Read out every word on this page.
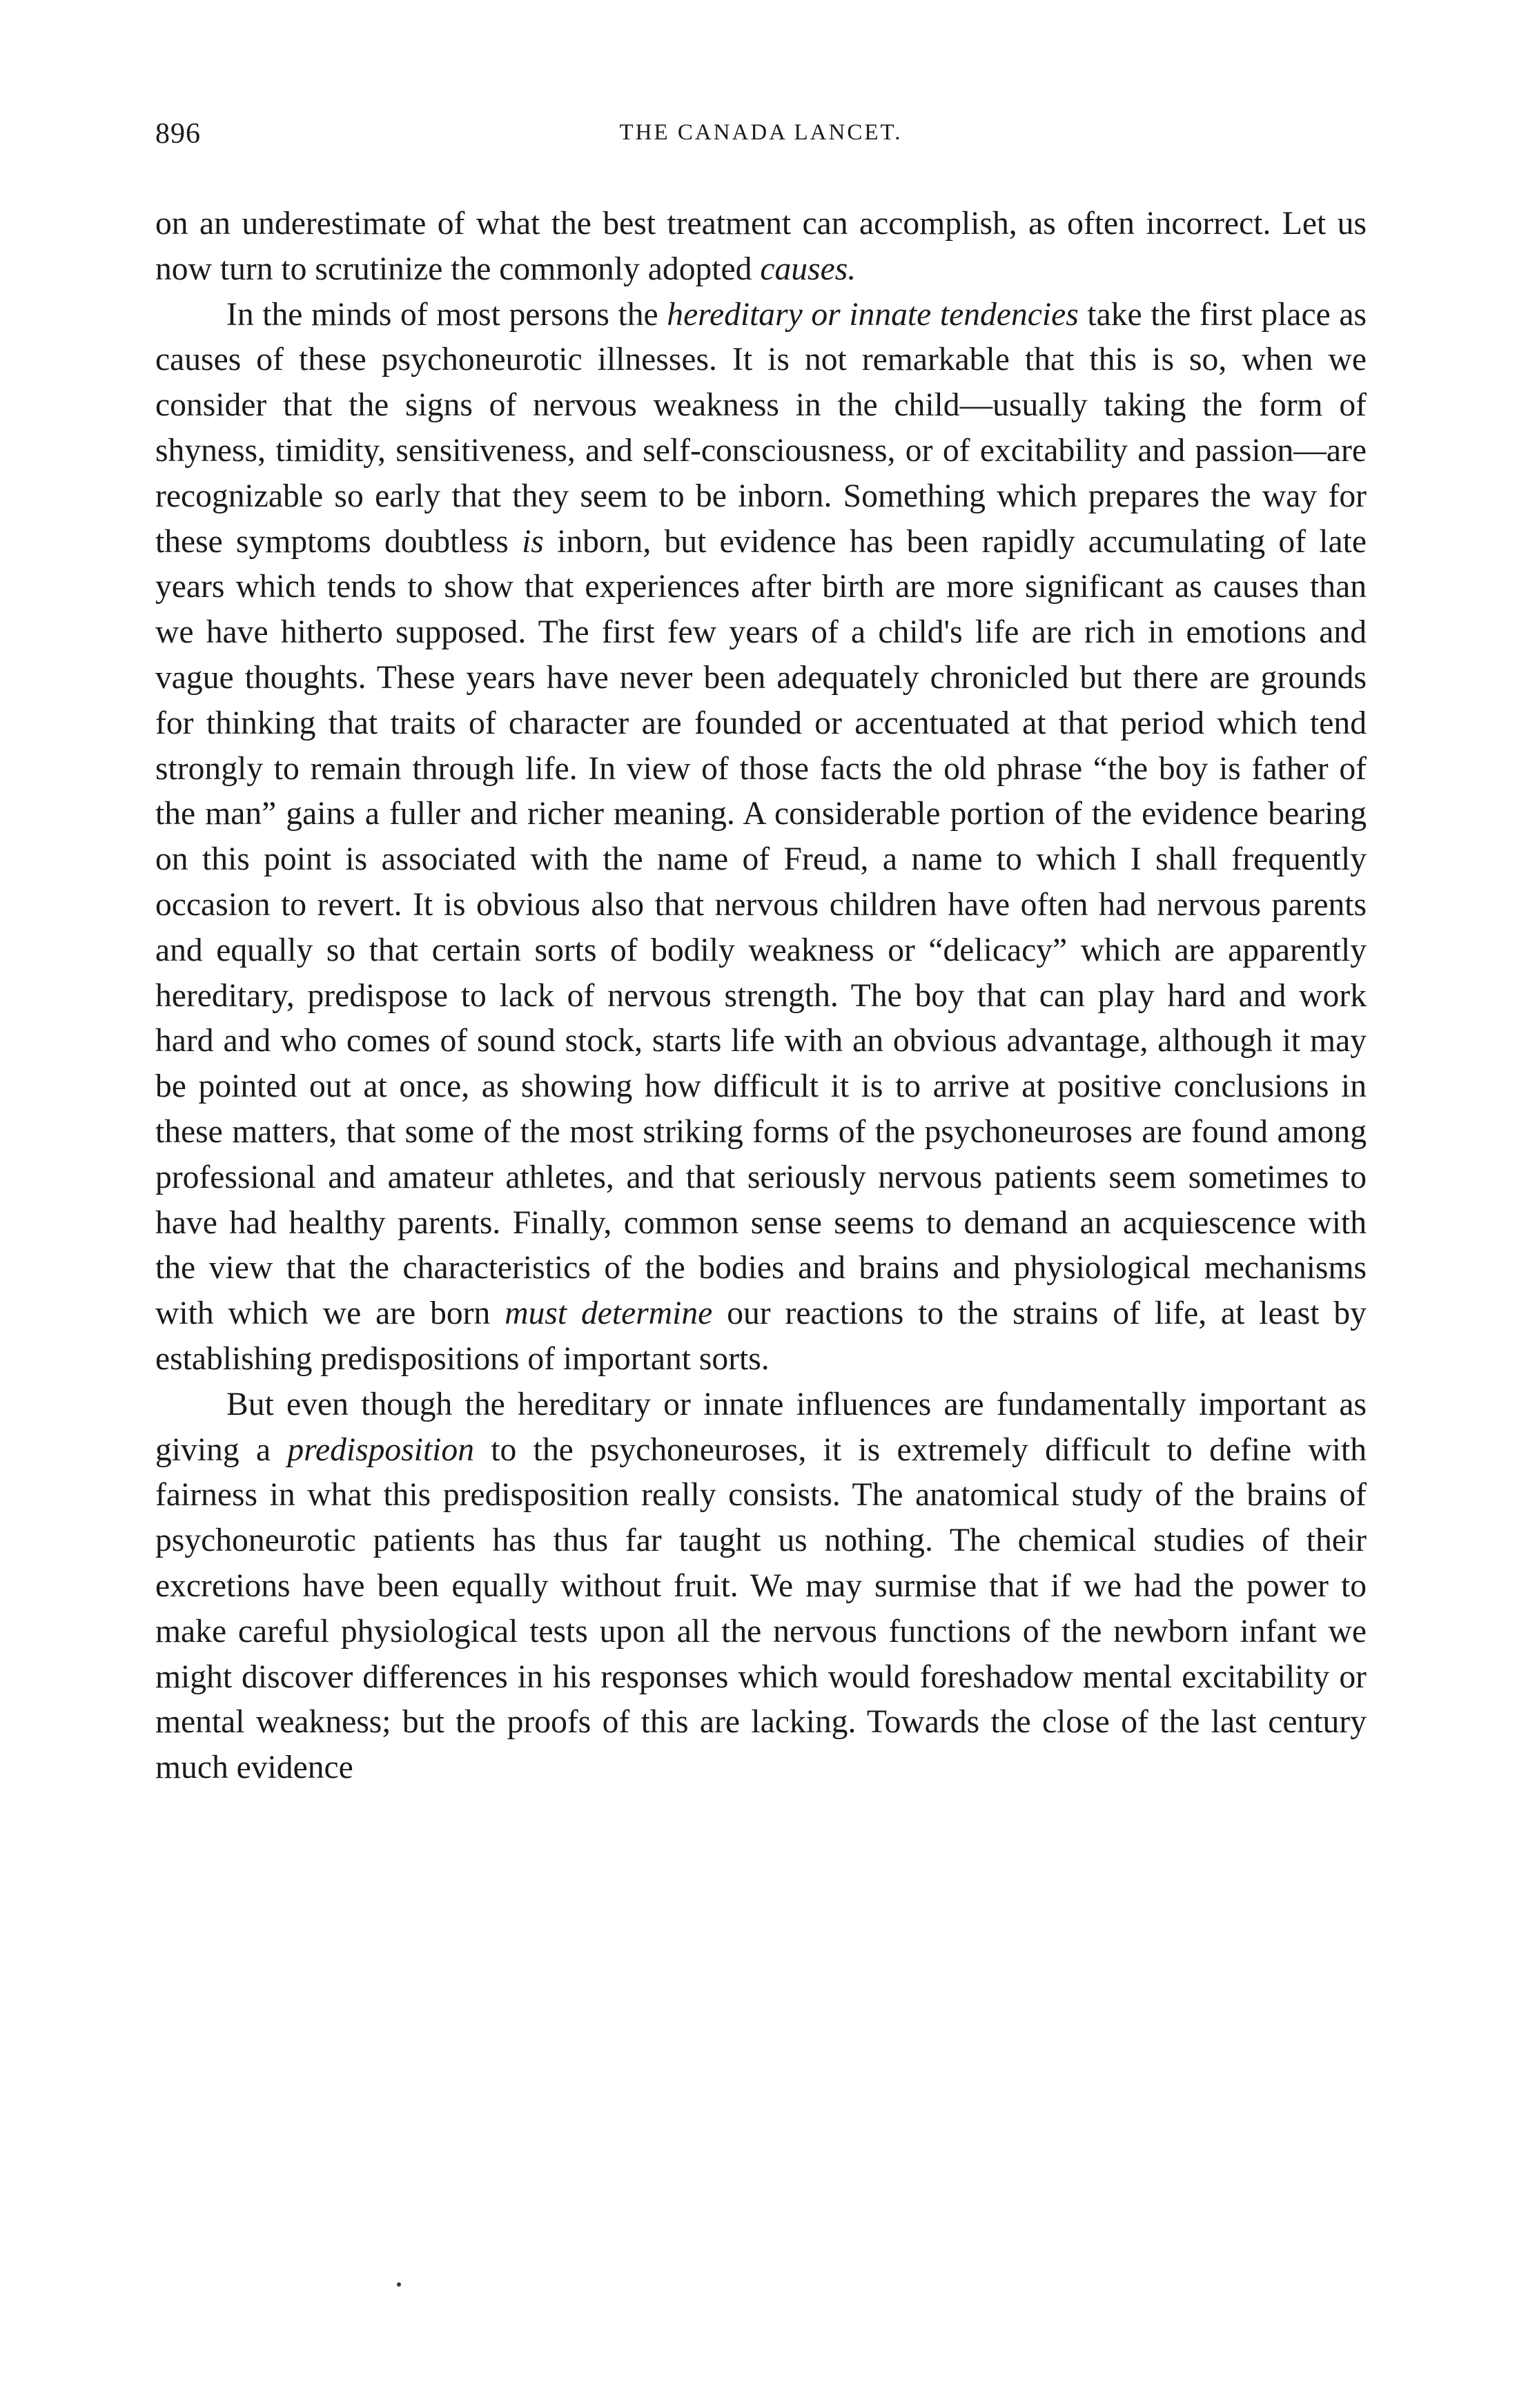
896	THE CANADA LANCET.

on an underestimate of what the best treatment can accomplish, as often incorrect. Let us now turn to scrutinize the commonly adopted causes.

In the minds of most persons the hereditary or innate tendencies take the first place as causes of these psychoneurotic illnesses. It is not remarkable that this is so, when we consider that the signs of nervous weakness in the child—usually taking the form of shyness, timidity, sensitiveness, and self-consciousness, or of excitability and passion—are recognizable so early that they seem to be inborn. Something which prepares the way for these symptoms doubtless is inborn, but evidence has been rapidly accumulating of late years which tends to show that experiences after birth are more significant as causes than we have hitherto supposed. The first few years of a child's life are rich in emotions and vague thoughts. These years have never been adequately chronicled but there are grounds for thinking that traits of character are founded or accentuated at that period which tend strongly to remain through life. In view of those facts the old phrase “the boy is father of the man” gains a fuller and richer meaning. A considerable portion of the evidence bearing on this point is associated with the name of Freud, a name to which I shall frequently occasion to revert. It is obvious also that nervous children have often had nervous parents and equally so that certain sorts of bodily weakness or “delicacy” which are apparently hereditary, predispose to lack of nervous strength. The boy that can play hard and work hard and who comes of sound stock, starts life with an obvious advantage, although it may be pointed out at once, as showing how difficult it is to arrive at positive conclusions in these matters, that some of the most striking forms of the psychoneuroses are found among professional and amateur athletes, and that seriously nervous patients seem sometimes to have had healthy parents. Finally, common sense seems to demand an acquiescence with the view that the characteristics of the bodies and brains and physiological mechanisms with which we are born must determine our reactions to the strains of life, at least by establishing predispositions of important sorts.

But even though the hereditary or innate influences are fundamentally important as giving a predisposition to the psychoneuroses, it is extremely difficult to define with fairness in what this predisposition really consists. The anatomical study of the brains of psychoneurotic patients has thus far taught us nothing. The chemical studies of their excretions have been equally without fruit. We may surmise that if we had the power to make careful physiological tests upon all the nervous functions of the newborn infant we might discover differences in his responses which would foreshadow mental excitability or mental weakness; but the proofs of this are lacking. Towards the close of the last century much evidence
